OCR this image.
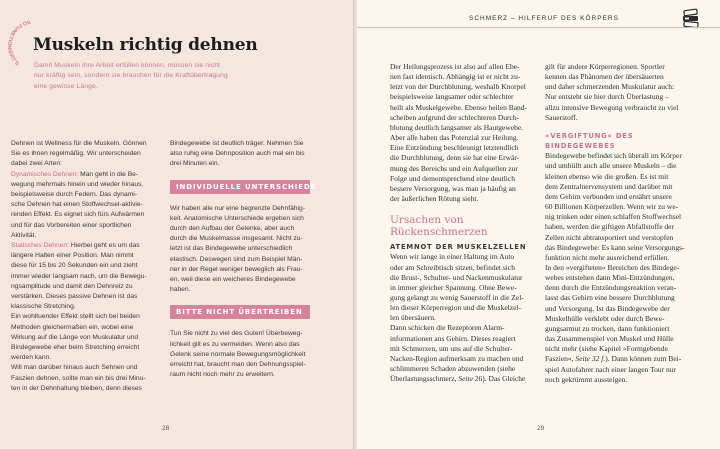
SO FUNKTIONIERT'S
Muskeln richtig dehnen
Damit Muskeln ihre Arbeit erfüllen können, müssen sie nicht
nur kräftig sein, sondern sie brauchen für die Kraftübertragung
eine gewisse Länge.
Dehnen ist Wellness für die Muskeln. Gönnen
Sie es ihnen regelmäßig. Wir unterscheiden
dabei zwei Arten:
Dynamisches Dehnen: Man geht in die Be-
wegung mehrmals hinein und wieder hinaus,
beispielsweise durch Federn. Das dynami-
sche Dehnen hat einen Stoffwechsel-aktivie-
renden Effekt. Es eignet sich fürs Aufwärmen
und für das Vorbereiten einer sportlichen
Aktivität.
Statisches Dehnen: Hierbei geht es um das
längere Halten einer Position. Man nimmt
diese für 15 bis 20 Sekunden ein und zieht
immer wieder langsam nach, um die Bewegu-
ngsamplitude und damit den Dehnreiz zu
verstärken. Dieses passive Dehnen ist das
klassische Stretching.
Ein wohltuender Effekt stellt sich bei beiden
Methoden gleichermaßen ein, wobei eine
Wirkung auf die Länge von Muskulatur und
Bindegewebe eher beim Stretching erreicht
werden kann.
Will man darüber hinaus auch Sehnen und
Faszien dehnen, sollte man ein bis drei Minu-
ten in der Dehnhaltung bleiben, denn dieses
Bindegewebe ist deutlich träger. Nehmen Sie
also ruhig eine Dehnposition auch mal ein bis
drei Minuten ein.
INDIVIDUELLE UNTERSCHIEDE
Wir haben alle nur eine begrenzte Dehnfähig-
keit. Anatomische Unterschiede ergeben sich
durch den Aufbau der Gelenke, aber auch
durch die Muskelmasse insgesamt. Nicht zu-
letzt ist das Bindegewebe unterschiedlich
elastisch. Deswegen sind zum Beispiel Män-
ner in der Regel weniger beweglich als Frau-
en, weil diese ein weicheres Bindegewebe
haben.
BITTE NICHT ÜBERTREIBEN
Tun Sie nicht zu viel des Guten! Überbeweg-
lichkeit gilt es zu vermeiden. Wenn also das
Gelenk seine normale Bewegungsmöglichkeit
erreicht hat, braucht man den Dehnungsspiel-
raum nicht noch mehr zu erweitern.
28
SCHMERZ – HILFERUF DES KÖRPERS
Der Heilungsprozess ist also auf allen Ebe-
nen fast identisch. Abhängig ist er nicht zu-
letzt von der Durchblutung, weshalb Knorpel
beispielsweise langsamer oder schlechter
heilt als Muskelgewebe. Ebenso heilen Band-
scheiben aufgrund der schlechteren Durch-
blutung deutlich langsamer als Hautgewebe.
Aber alle haben das Potenzial zur Heilung.
Eine Entzündung beschleunigt letztendlich
die Durchblutung, denn sie hat eine Erwär-
mung des Bereichs und ein Aufquellen zur
Folge und dementsprechend eine deutlich
bessere Versorgung, was man ja häufig an
der äußerlichen Rötung sieht.
Ursachen von
Rückenschmerzen
ATEMNOT DER MUSKELZELLEN
Wenn wir lange in einer Haltung im Auto
oder am Schreibtisch sitzen, befindet sich
die Brust-, Schulter- und Nackenmuskulatur
in immer gleicher Spannung. Ohne Bewe-
gung gelangt zu wenig Sauerstoff in die Zel-
len dieser Körperregion und die Muskelzel-
len übersäuern.
Dann schicken die Rezeptoren Alarm-
informationen ans Gehirn. Dieses reagiert
mit Schmerzen, um uns auf die Schulter-
Nacken-Region aufmerksam zu machen und
schlimmeren Schaden abzuwenden (siehe
Überlastungsschmerz, Seite 26). Das Gleiche
gilt für andere Körperregionen. Sportler
kennen das Phänomen der übersäuerten
und daher schmerzenden Muskulatur auch:
Nur entsteht sie hier durch Überlastung –
allzu intensive Bewegung verbraucht zu viel
Sauerstoff.
»VERGIFTUNG« DES
BINDEGEWEBES
Bindegewebe befindet sich überall im Körper
und umhüllt auch alle unsere Muskeln – die
kleinen ebenso wie die großen. Es ist mit
dem Zentralnervensystem und darüber mit
dem Gehirn verbunden und ernährt unsere
60 Billionen Körperzellen. Wenn wir zu we-
nig trinken oder einen schlaffen Stoffwechsel
haben, werden die giftigen Abfallstoffe der
Zellen nicht abtransportiert und verstopfen
das Bindegewebe: Es kann seine Versorgungs-
funktion nicht mehr ausreichend erfüllen.
In den »vergifteten« Bereichen des Bindege-
webes entstehen dann Mini-Entzündungen,
denn durch die Entzündungsreaktion veran-
lasst das Gehirn eine bessere Durchblutung
und Versorgung. Ist das Bindegewebe der
Muskelhülle verklebt oder durch Bewe-
gungsarmut zu trocken, dann funktioniert
das Zusammenspiel von Muskel und Hülle
nicht mehr (siehe Kapitel »Formgebende
Faszien«, Seite 32 f.). Dann können zum Bei-
spiel Autofahrer nach einer langen Tour nur
noch gekrümmt aussteigen.
29
